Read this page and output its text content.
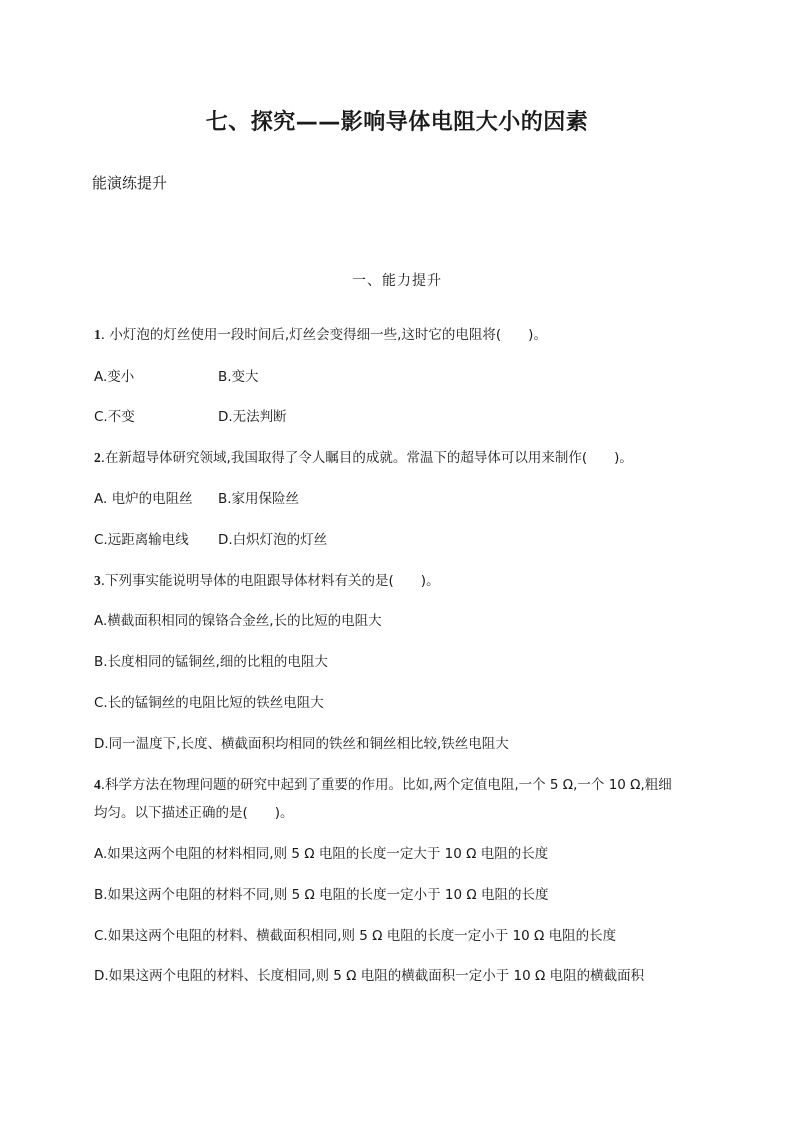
七、探究——影响导体电阻大小的因素
能演练提升
一、能力提升
1. 小灯泡的灯丝使用一段时间后,灯丝会变得细一些,这时它的电阻将(　　)。
A.变小	B.变大
C.不变	D.无法判断
2.在新超导体研究领域,我国取得了令人瞩目的成就。常温下的超导体可以用来制作(　　)。
A. 电炉的电阻丝 B.家用保险丝
C.远距离输电线 D.白炽灯泡的灯丝
3.下列事实能说明导体的电阻跟导体材料有关的是(　　)。
A.横截面积相同的镍铬合金丝,长的比短的电阻大
B.长度相同的锰铜丝,细的比粗的电阻大
C.长的锰铜丝的电阻比短的铁丝电阻大
D.同一温度下,长度、横截面积均相同的铁丝和铜丝相比较,铁丝电阻大
4.科学方法在物理问题的研究中起到了重要的作用。比如,两个定值电阻,一个 5 Ω,一个 10 Ω,粗细
均匀。以下描述正确的是(　　)。
A.如果这两个电阻的材料相同,则 5 Ω 电阻的长度一定大于 10 Ω 电阻的长度
B.如果这两个电阻的材料不同,则 5 Ω 电阻的长度一定小于 10 Ω 电阻的长度
C.如果这两个电阻的材料、横截面积相同,则 5 Ω 电阻的长度一定小于 10 Ω 电阻的长度
D.如果这两个电阻的材料、长度相同,则 5 Ω 电阻的横截面积一定小于 10 Ω 电阻的横截面积
